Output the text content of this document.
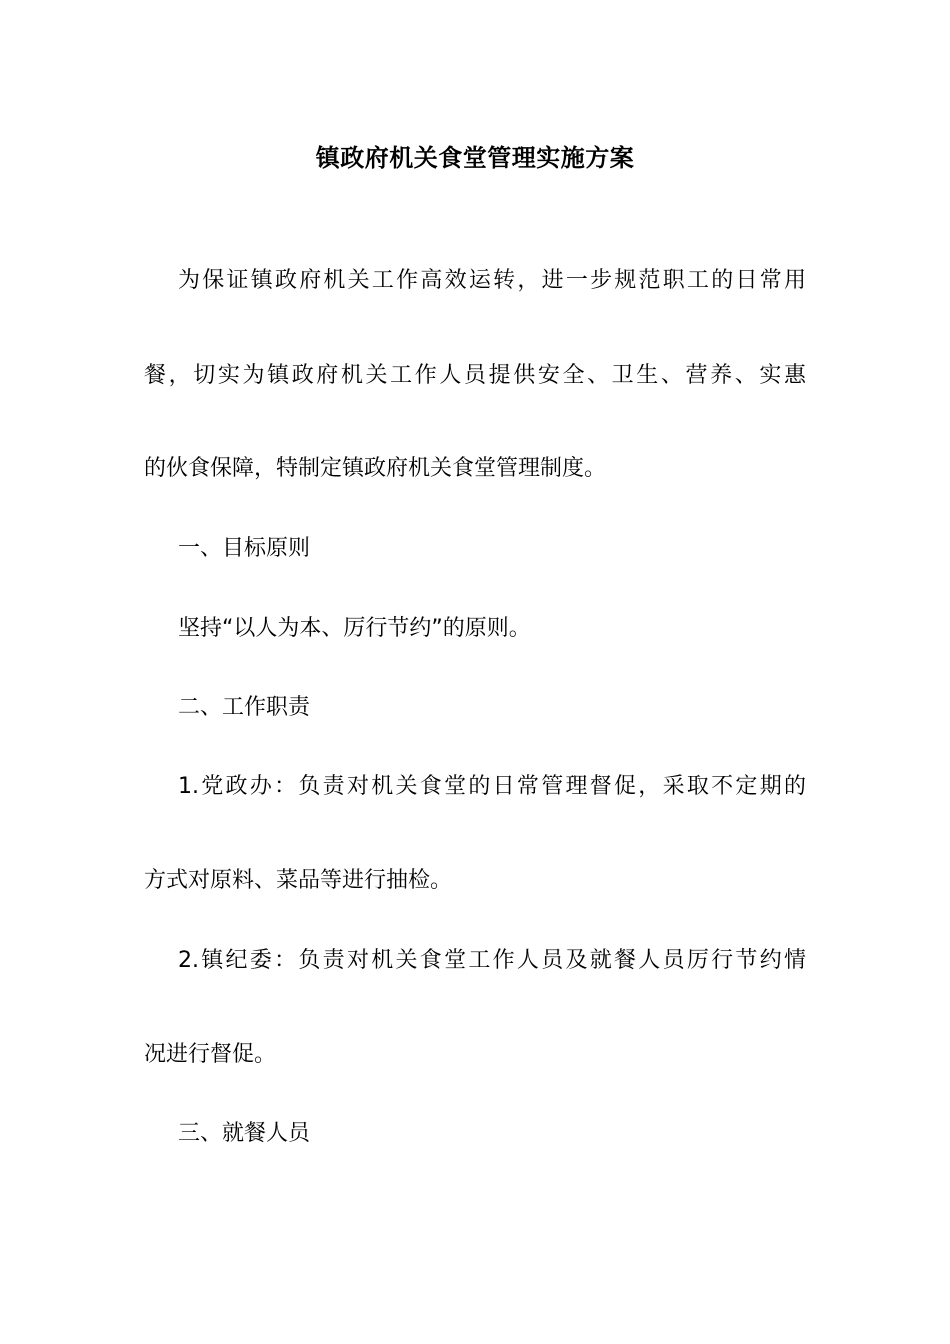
镇政府机关食堂管理实施方案
为保证镇政府机关工作高效运转，进一步规范职工的日常用
餐，切实为镇政府机关工作人员提供安全、卫生、营养、实惠
的伙食保障，特制定镇政府机关食堂管理制度。
一、目标原则
坚持“以人为本、厉行节约”的原则。
二、工作职责
1.党政办：负责对机关食堂的日常管理督促，采取不定期的
方式对原料、菜品等进行抽检。
2.镇纪委：负责对机关食堂工作人员及就餐人员厉行节约情
况进行督促。
三、就餐人员
